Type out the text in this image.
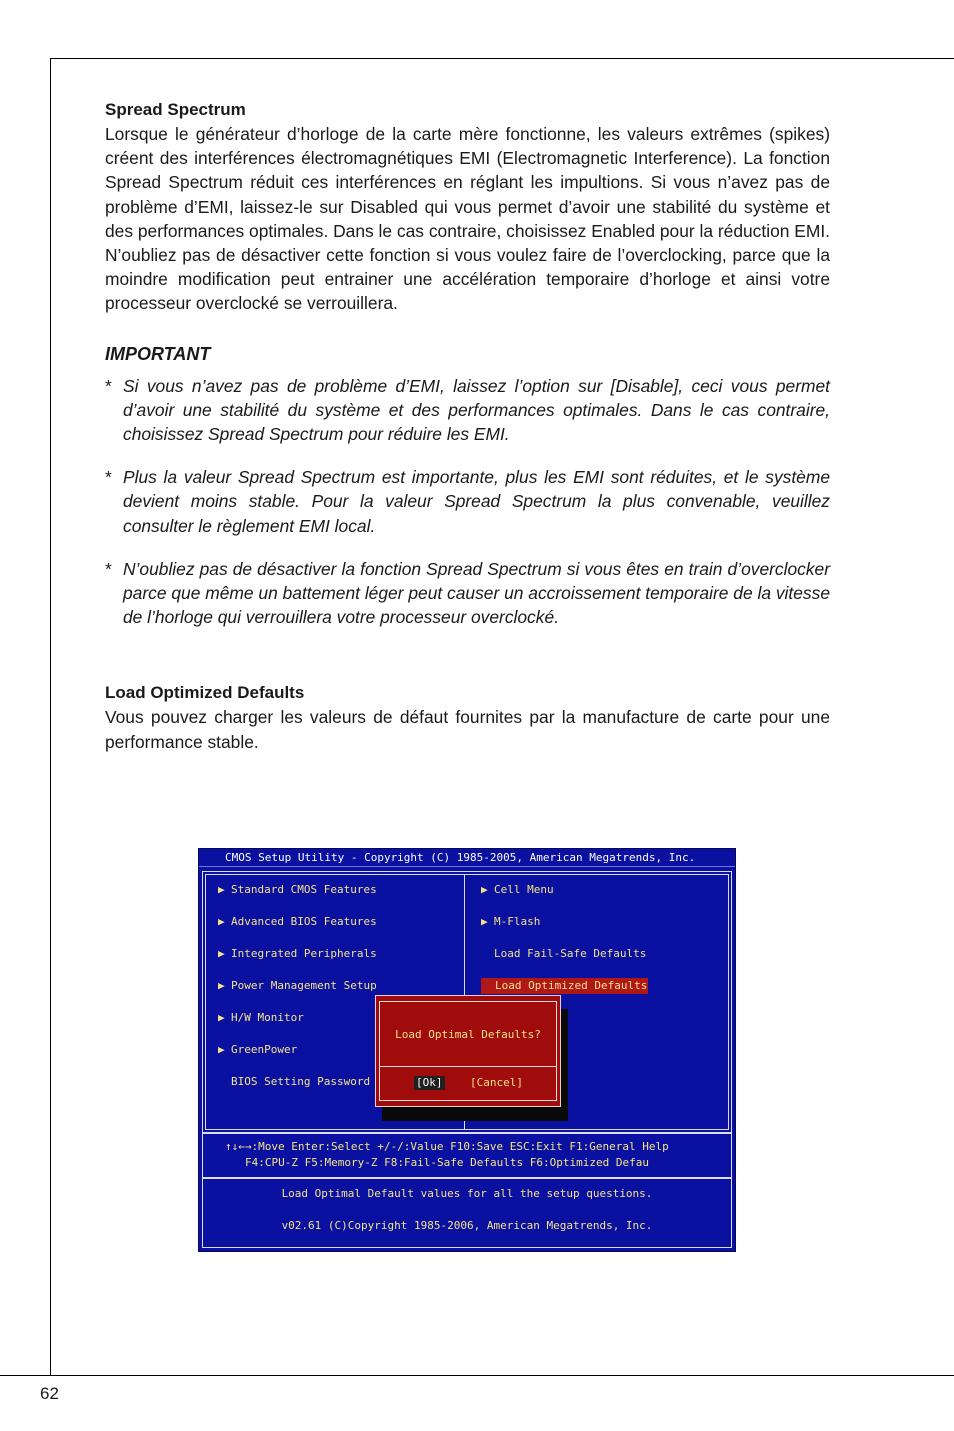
Spread Spectrum

Lorsque le générateur d’horloge de la carte mère fonctionne, les valeurs extrêmes (spikes) créent des interférences électromagnétiques EMI (Electromagnetic Interference). La fonction Spread Spectrum réduit ces interférences en réglant les impultions. Si vous n’avez pas de problème d’EMI, laissez-le sur Disabled qui vous permet d’avoir une stabilité du système et des performances optimales. Dans le cas contraire, choisissez Enabled pour la réduction EMI. N’oubliez pas de désactiver cette fonction si vous voulez faire de l’overclocking, parce que la moindre modification peut entrainer une accélération temporaire d’horloge et ainsi votre processeur overclocké se verrouillera.

IMPORTANT

* Si vous n’avez pas de problème d’EMI, laissez l’option sur [Disable], ceci vous permet d’avoir une stabilité du système et des performances optimales. Dans le cas contraire, choisissez Spread Spectrum pour réduire les EMI.

* Plus la valeur Spread Spectrum est importante, plus les EMI sont réduites, et le système devient moins stable. Pour la valeur Spread Spectrum la plus convenable, veuillez consulter le règlement EMI local.

* N’oubliez pas de désactiver la fonction Spread Spectrum si vous êtes en train d’overclocker parce que même un battement léger peut causer un accroissement temporaire de la vitesse de l’horloge qui verrouillera votre processeur overclocké.

Load Optimized Defaults

Vous pouvez charger les valeurs de défaut fournites par la manufacture de carte pour une performance stable.

CMOS Setup Utility - Copyright (C) 1985-2005, American Megatrends, Inc.
▶ Standard CMOS Features
▶ Advanced BIOS Features
▶ Integrated Peripherals
▶ Power Management Setup
▶ H/W Monitor
▶ GreenPower
BIOS Setting Password
▶ Cell Menu
▶ M-Flash
Load Fail-Safe Defaults
Load Optimized Defaults
Load Optimal Defaults?
[Ok]	[Cancel]
↑↓←→:Move Enter:Select +/-/:Value F10:Save ESC:Exit F1:General Help
F4:CPU-Z F5:Memory-Z F8:Fail-Safe Defaults F6:Optimized Defau
Load Optimal Default values for all the setup questions.
v02.61 (C)Copyright 1985-2006, American Megatrends, Inc.
62
